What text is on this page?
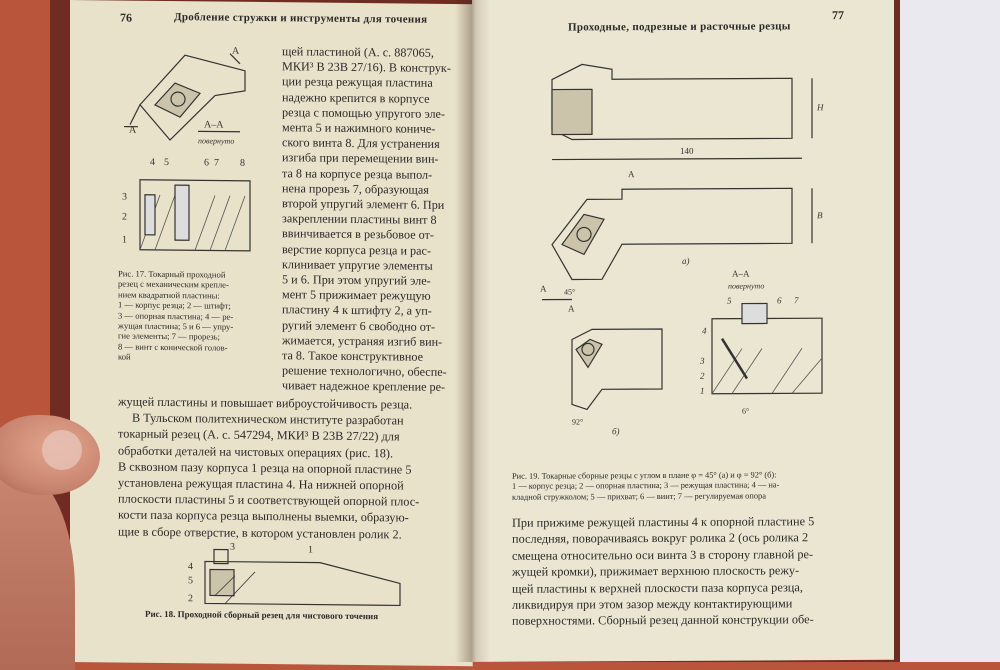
76	Дробление стружки и инструменты для точения
А
А
А–А
повернуто
4 5	6 7 8
3
2
1
Рис. 17. Токарный проходной
резец с механическим крепле-
нием квадратной пластины:
1 — корпус резца; 2 — штифт;
3 — опорная пластина; 4 — ре-
жущая пластина; 5 и 6 — упру-
гие элементы; 7 — прорезь;
8 — винт с конической голов-
кой
щей пластиной (А. с. 887065,
МКИ³ В 23В 27/16). В конструк-
ции резца режущая пластина
надежно крепится в корпусе
резца с помощью упругого эле-
мента 5 и нажимного кониче-
ского винта 8. Для устранения
изгиба при перемещении вин-
та 8 на корпусе резца выпол-
нена прорезь 7, образующая
второй упругий элемент 6. При
закреплении пластины винт 8
ввинчивается в резьбовое от-
верстие корпуса резца и рас-
клинивает упругие элементы
5 и 6. При этом упругий эле-
мент 5 прижимает режущую
пластину 4 к штифту 2, а уп-
ругий элемент 6 свободно от-
жимается, устраняя изгиб вин-
та 8. Такое конструктивное
решение технологично, обеспе-
чивает надежное крепление ре-
жущей пластины и повышает виброустойчивость резца.
В Тульском политехническом институте разработан
токарный резец (А. с. 547294, МКИ³ В 23В 27/22) для
обработки деталей на чистовых операциях (рис. 18).
В сквозном пазу корпуса 1 резца на опорной пластине 5
установлена режущая пластина 4. На нижней опорной
плоскости пластины 5 и соответствующей опорной плос-
кости паза корпуса резца выполнены выемки, образую-
щие в сборе отверстие, в котором установлен ролик 2.
3	1
4
5
2
Рис. 18. Проходной сборный резец для чистового точения
Проходные, подрезные и расточные резцы
77
140
H
B
А
А 45°
а)
А–А
повернуто
б)
92°
6°
А
5	6 7
4
3
2
1
Рис. 19. Токарные сборные резцы с углом в плане φ = 45° (а) и φ = 92° (б):
1 — корпус резца; 2 — опорная пластина; 3 — режущая пластина; 4 — на-
кладной стружколом; 5 — прихват; 6 — винт; 7 — регулируемая опора
При прижиме режущей пластины 4 к опорной пластине 5
последняя, поворачиваясь вокруг ролика 2 (ось ролика 2
смещена относительно оси винта 3 в сторону главной ре-
жущей кромки), прижимает верхнюю плоскость режу-
щей пластины к верхней плоскости паза корпуса резца,
ликвидируя при этом зазор между контактирующими
поверхностями. Сборный резец данной конструкции обе-
